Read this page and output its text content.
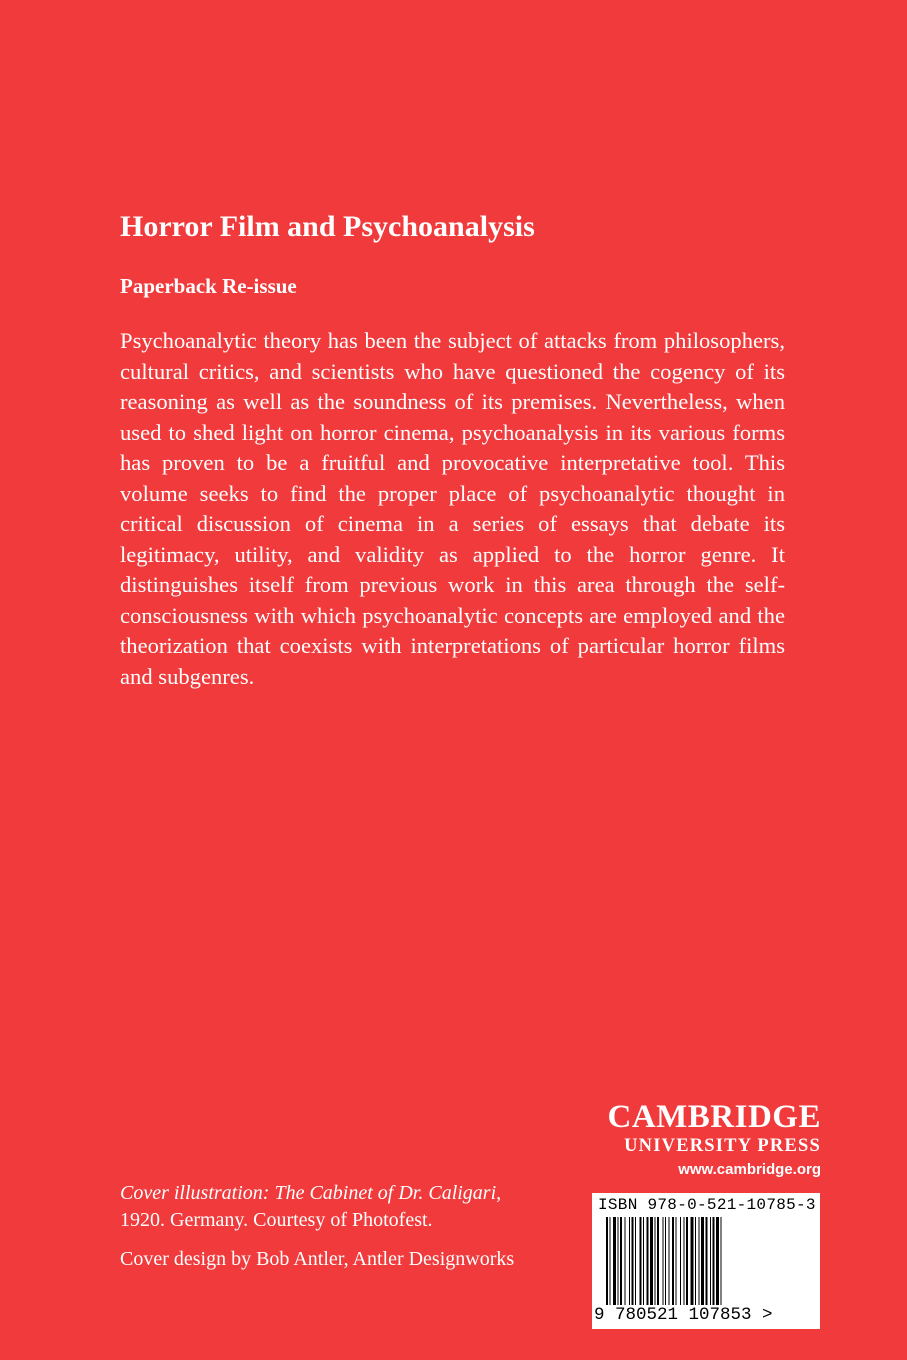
Horror Film and Psychoanalysis
Paperback Re-issue

Psychoanalytic theory has been the subject of attacks from philosophers, cultural critics, and scientists who have questioned the cogency of its reasoning as well as the soundness of its premises. Nevertheless, when used to shed light on horror cinema, psychoanalysis in its various forms has proven to be a fruitful and provocative interpretative tool. This volume seeks to find the proper place of psychoanalytic thought in critical discussion of cinema in a series of essays that debate its legitimacy, utility, and validity as applied to the horror genre. It distinguishes itself from previous work in this area through the self-consciousness with which psychoanalytic concepts are employed and the theorization that coexists with interpretations of particular horror films and subgenres.

Cover illustration: The Cabinet of Dr. Caligari,
1920. Germany. Courtesy of Photofest.

Cover design by Bob Antler, Antler Designworks

CAMBRIDGE
UNIVERSITY PRESS
www.cambridge.org
ISBN 978-0-521-10785-3
9 780521 107853 >
